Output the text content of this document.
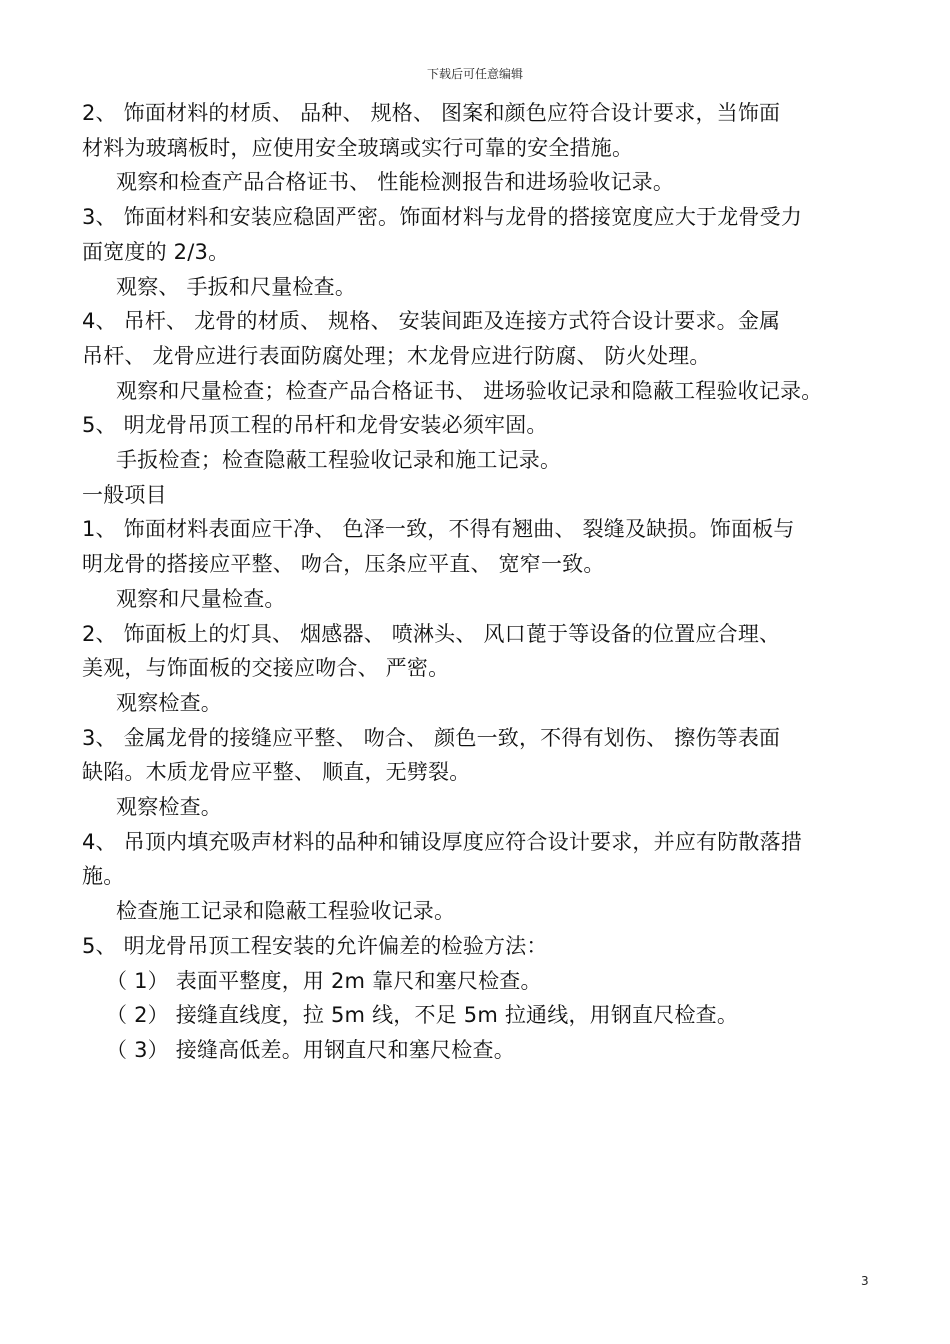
下载后可任意编辑
2、 饰面材料的材质、 品种、 规格、 图案和颜色应符合设计要求，当饰面
材料为玻璃板时，应使用安全玻璃或实行可靠的安全措施。
观察和检查产品合格证书、 性能检测报告和进场验收记录。
3、 饰面材料和安装应稳固严密。饰面材料与龙骨的搭接宽度应大于龙骨受力
面宽度的 2/3。
观察、 手扳和尺量检查。
4、 吊杆、 龙骨的材质、 规格、 安装间距及连接方式符合设计要求。金属
吊杆、 龙骨应进行表面防腐处理；木龙骨应进行防腐、 防火处理。
观察和尺量检查；检查产品合格证书、 进场验收记录和隐蔽工程验收记录。
5、 明龙骨吊顶工程的吊杆和龙骨安装必须牢固。
手扳检查；检查隐蔽工程验收记录和施工记录。
一般项目
1、 饰面材料表面应干净、 色泽一致，不得有翘曲、 裂缝及缺损。饰面板与
明龙骨的搭接应平整、 吻合，压条应平直、 宽窄一致。
观察和尺量检查。
2、 饰面板上的灯具、 烟感器、 喷淋头、 风口蓖于等设备的位置应合理、
美观，与饰面板的交接应吻合、 严密。
观察检查。
3、 金属龙骨的接缝应平整、 吻合、 颜色一致，不得有划伤、 擦伤等表面
缺陷。木质龙骨应平整、 顺直，无劈裂。
观察检查。
4、 吊顶内填充吸声材料的品种和铺设厚度应符合设计要求，并应有防散落措
施。
检查施工记录和隐蔽工程验收记录。
5、 明龙骨吊顶工程安装的允许偏差的检验方法：
（ 1） 表面平整度，用 2m 靠尺和塞尺检查。
（ 2） 接缝直线度，拉 5m 线，不足 5m 拉通线，用钢直尺检查。
（ 3） 接缝高低差。用钢直尺和塞尺检查。
3
